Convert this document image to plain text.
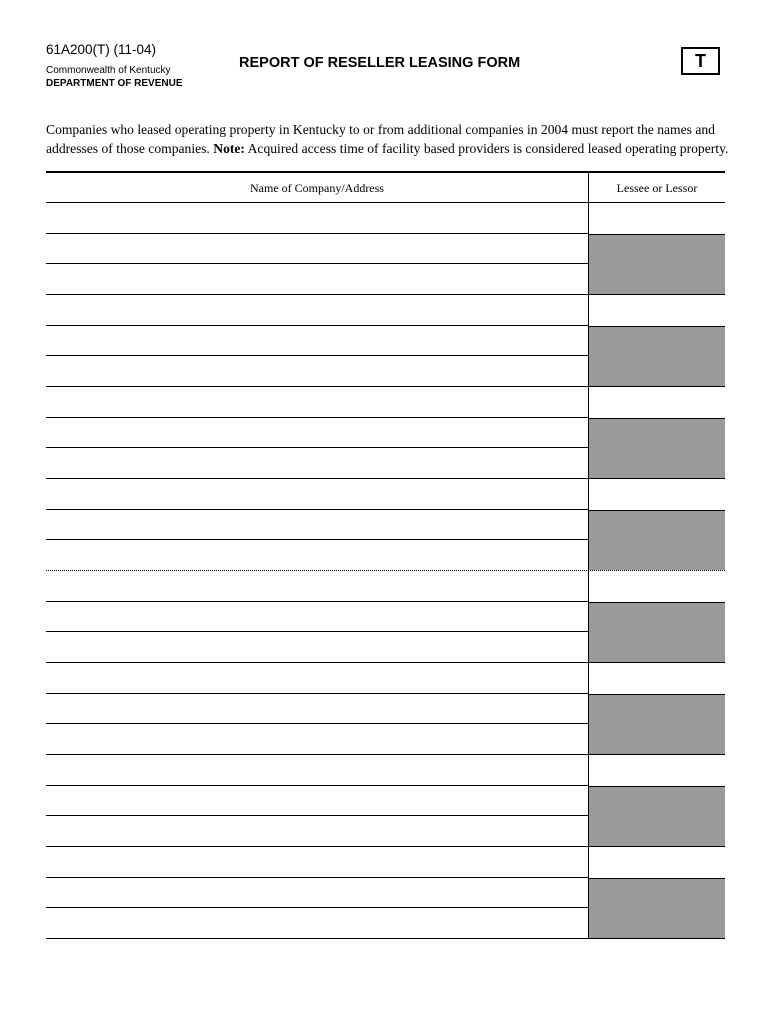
61A200(T) (11-04)
Commonwealth of Kentucky
DEPARTMENT OF REVENUE
REPORT OF RESELLER LEASING FORM	T
Companies who leased operating property in Kentucky to or from additional companies in 2004 must report the names and addresses of those companies. Note: Acquired access time of facility based providers is considered leased operating property.
Name of Company/Address	Lessee or Lessor
